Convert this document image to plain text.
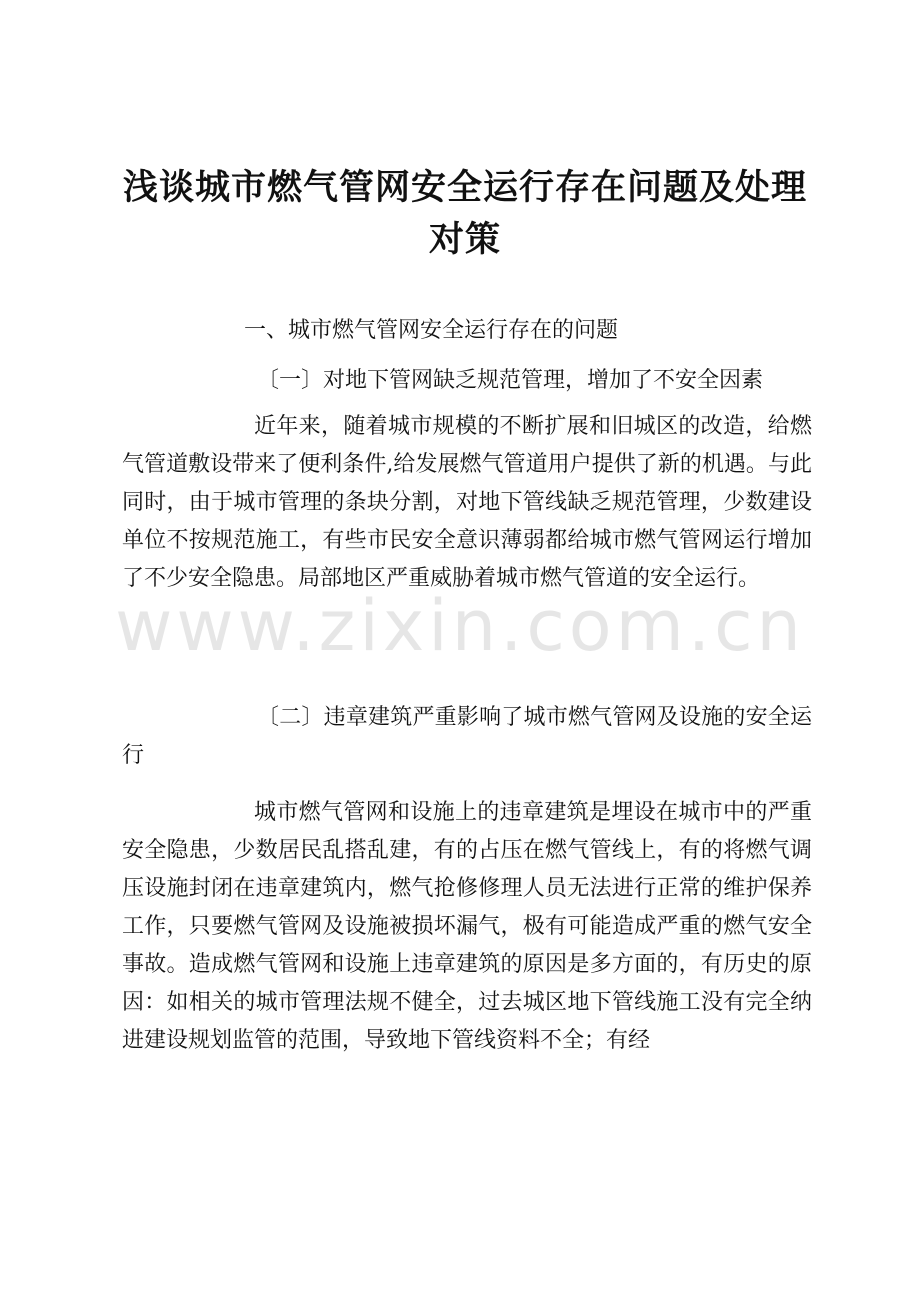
www.zixin.com.cn
浅谈城市燃气管网安全运行存在问题及处理对策

一、城市燃气管网安全运行存在的问题

〔一〕对地下管网缺乏规范管理，增加了不安全因素

近年来，随着城市规模的不断扩展和旧城区的改造，给燃气管道敷设带来了便利条件,给发展燃气管道用户提供了新的机遇。与此同时，由于城市管理的条块分割，对地下管线缺乏规范管理，少数建设单位不按规范施工，有些市民安全意识薄弱都给城市燃气管网运行增加了不少安全隐患。局部地区严重威胁着城市燃气管道的安全运行。

〔二〕违章建筑严重影响了城市燃气管网及设施的安全运行

城市燃气管网和设施上的违章建筑是埋设在城市中的严重安全隐患，少数居民乱搭乱建，有的占压在燃气管线上，有的将燃气调压设施封闭在违章建筑内，燃气抢修修理人员无法进行正常的维护保养工作，只要燃气管网及设施被损坏漏气，极有可能造成严重的燃气安全事故。造成燃气管网和设施上违章建筑的原因是多方面的，有历史的原因：如相关的城市管理法规不健全，过去城区地下管线施工没有完全纳进建设规划监管的范围，导致地下管线资料不全；有经
